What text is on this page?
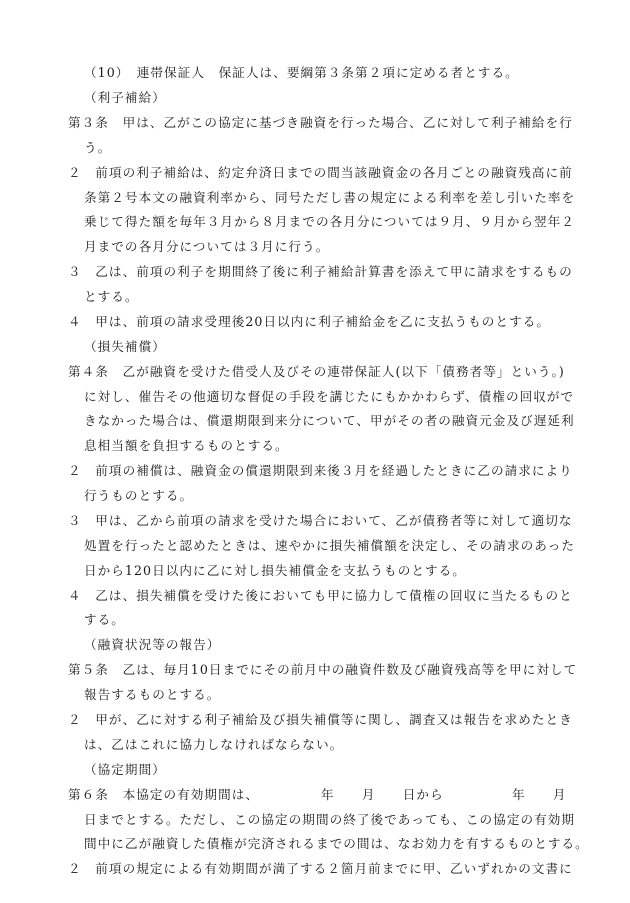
（10）　連帯保証人　保証人は、要綱第３条第２項に定める者とする。
（利子補給）
第３条　甲は、乙がこの協定に基づき融資を行った場合、乙に対して利子補給を行
う。
２　前項の利子補給は、約定弁済日までの間当該融資金の各月ごとの融資残高に前
条第２号本文の融資利率から、同号ただし書の規定による利率を差し引いた率を
乗じて得た額を毎年３月から８月までの各月分については９月、９月から翌年２
月までの各月分については３月に行う。
３　乙は、前項の利子を期間終了後に利子補給計算書を添えて甲に請求をするもの
とする。
４　甲は、前項の請求受理後20日以内に利子補給金を乙に支払うものとする。
（損失補償）
第４条　乙が融資を受けた借受人及びその連帯保証人(以下「債務者等」という。)
に対し、催告その他適切な督促の手段を講じたにもかかわらず、債権の回収がで
きなかった場合は、償還期限到来分について、甲がその者の融資元金及び遅延利
息相当額を負担するものとする。
２　前項の補償は、融資金の償還期限到来後３月を経過したときに乙の請求により
行うものとする。
３　甲は、乙から前項の請求を受けた場合において、乙が債務者等に対して適切な
処置を行ったと認めたときは、速やかに損失補償額を決定し、その請求のあった
日から120日以内に乙に対し損失補償金を支払うものとする。
４　乙は、損失補償を受けた後においても甲に協力して債権の回収に当たるものと
する。
（融資状況等の報告）
第５条　乙は、毎月10日までにその前月中の融資件数及び融資残高等を甲に対して
報告するものとする。
２　甲が、乙に対する利子補給及び損失補償等に関し、調査又は報告を求めたとき
は、乙はこれに協力しなければならない。
（協定期間）
第６条　本協定の有効期間は、　　　　　年　　月　　日から　　　　　年　　月
日までとする。ただし、この協定の期間の終了後であっても、この協定の有効期
間中に乙が融資した債権が完済されるまでの間は、なお効力を有するものとする。
２　前項の規定による有効期間が満了する２箇月前までに甲、乙いずれかの文書に
